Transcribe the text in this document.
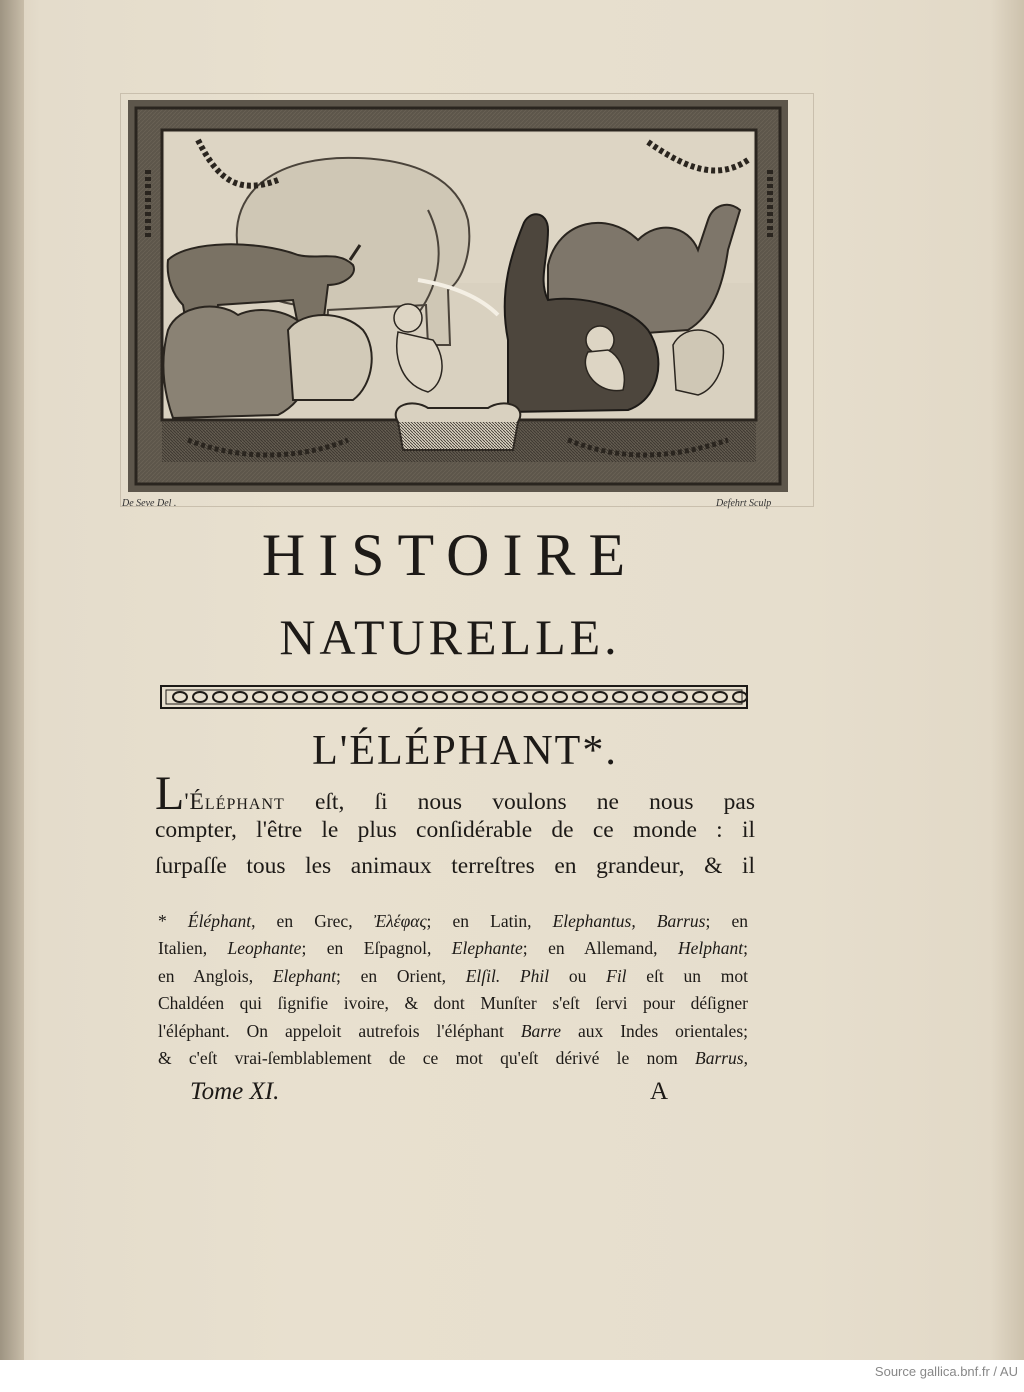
De Seve Del .	Defehrt Sculp
HISTOIRE
NATURELLE.
L'ÉLÉPHANT*.
L'Éléphant eſt, ſi nous voulons ne nous pas
compter, l'être le plus conſidérable de ce monde : il
ſurpaſſe tous les animaux terreſtres en grandeur, & il
* Éléphant, en Grec, Ἐλέφας; en Latin, Elephantus, Barrus; en
Italien, Leophante; en Eſpagnol, Elephante; en Allemand, Helphant;
en Anglois, Elephant; en Orient, Elſil. Phil ou Fil eſt un mot
Chaldéen qui ſignifie ivoire, & dont Munſter s'eſt ſervi pour déſigner
l'éléphant. On appeloit autrefois l'éléphant Barre aux Indes orientales;
& c'eſt vrai-ſemblablement de ce mot qu'eſt dérivé le nom Barrus,
Tome XI.	A
Source gallica.bnf.fr / AU
